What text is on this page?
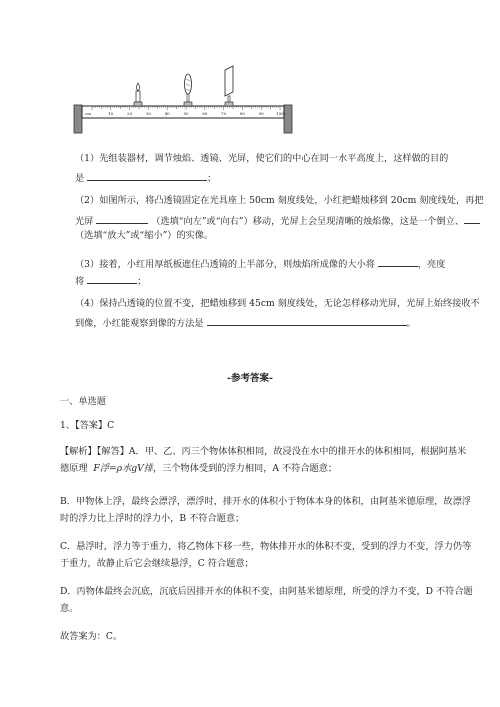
10	20	30	40	50	60	70	80	90	100
cm
（1）先组装器材，调节烛焰、透镜、光屏，使它们的中心在同一水平高度上，这样做的目的
是	；
（2）如图所示，将凸透镜固定在光具座上 50cm 刻度线处，小红把蜡烛移到 20cm 刻度线处，再把
光屏	（选填“向左”或“向右”）移动，光屏上会呈现清晰的烛焰像，这是一个倒立、
（选填“放大”或“缩小”）的实像。
（3）接着，小红用厚纸板遮住凸透镜的上半部分，则烛焰所成像的大小将	，亮度
将	；
（4）保持凸透镜的位置不变，把蜡烛移到 45cm 刻度线处，无论怎样移动光屏，光屏上始终接收不
到像，小红能观察到像的方法是	。
-参考答案-
一、单选题
1、【答案】C
【解析】【解答】A．甲、乙、丙三个物体体积相同，故浸没在水中的排开水的体积相同，根据阿基米
德原理 F浮=ρ水gV排，三个物体受到的浮力相同，A 不符合题意；
B．甲物体上浮，最终会漂浮，漂浮时，排开水的体积小于物体本身的体积，由阿基米德原理，故漂浮
时的浮力比上浮时的浮力小，B 不符合题意；
C．悬浮时，浮力等于重力，将乙物体下移一些，物体排开水的体积不变，受到的浮力不变，浮力仍等
于重力，故静止后它会继续悬浮，C 符合题意；
D．丙物体最终会沉底，沉底后因排开水的体积不变，由阿基米德原理，所受的浮力不变，D 不符合题
意。
故答案为：C。
